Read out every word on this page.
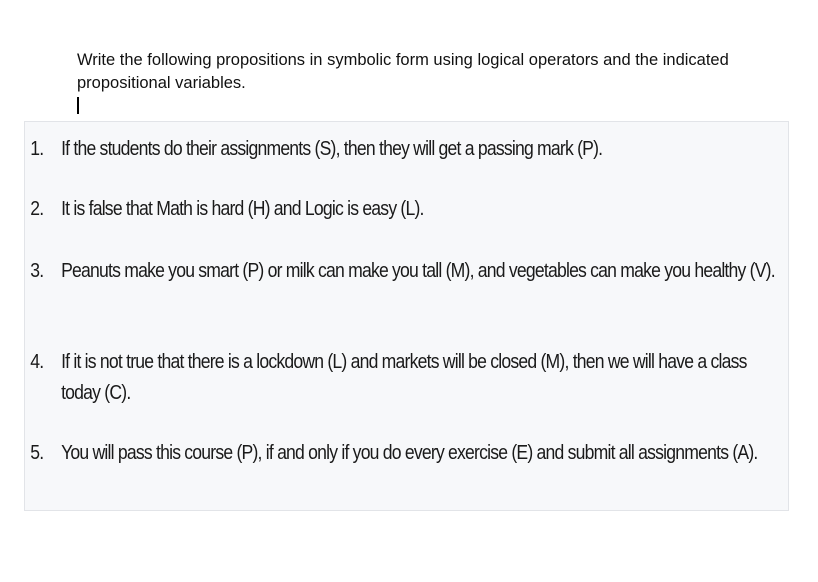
Write the following propositions in symbolic form using logical operators and the indicated propositional variables.
1. If the students do their assignments (S), then they will get a passing mark (P).
2. It is false that Math is hard (H) and Logic is easy (L).
3. Peanuts make you smart (P) or milk can make you tall (M), and vegetables can make you healthy (V).
4. If it is not true that there is a lockdown (L) and markets will be closed (M), then we will have a class today (C).
5. You will pass this course (P), if and only if you do every exercise (E) and submit all assignments (A).
